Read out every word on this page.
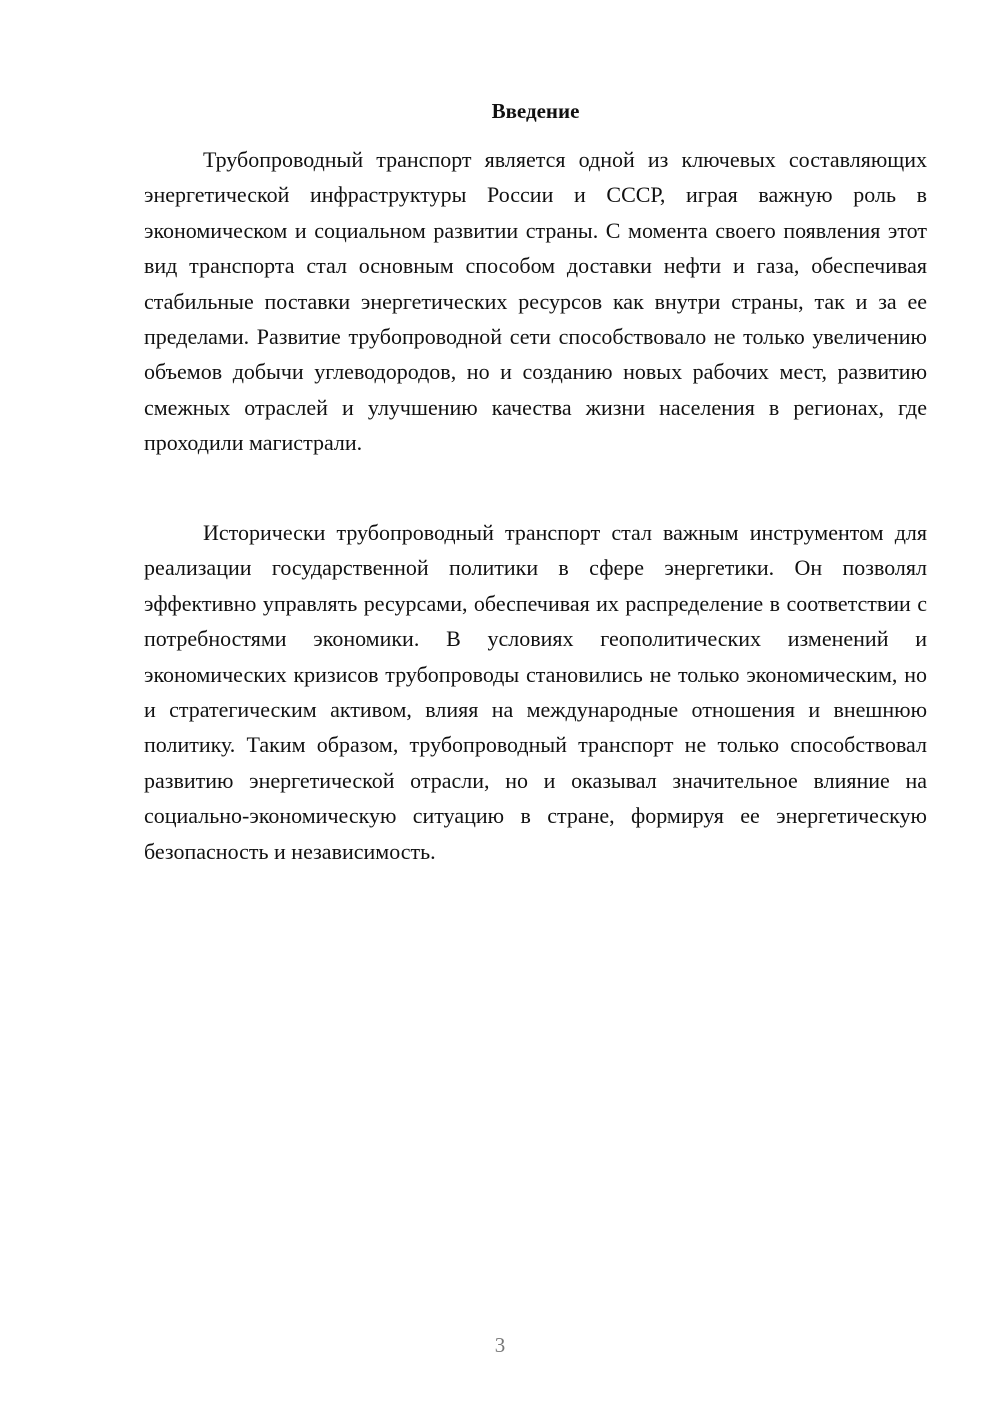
Введение

Трубопроводный транспорт является одной из ключевых составляющих энергетической инфраструктуры России и СССР, играя важную роль в экономическом и социальном развитии страны. С момента своего появления этот вид транспорта стал основным способом доставки нефти и газа, обеспечивая стабильные поставки энергетических ресурсов как внутри страны, так и за ее пределами. Развитие трубопроводной сети способствовало не только увеличению объемов добычи углеводородов, но и созданию новых рабочих мест, развитию смежных отраслей и улучшению качества жизни населения в регионах, где проходили магистрали.

Исторически трубопроводный транспорт стал важным инструментом для реализации государственной политики в сфере энергетики. Он позволял эффективно управлять ресурсами, обеспечивая их распределение в соответствии с потребностями экономики. В условиях геополитических изменений и экономических кризисов трубопроводы становились не только экономическим, но и стратегическим активом, влияя на международные отношения и внешнюю политику. Таким образом, трубопроводный транспорт не только способствовал развитию энергетической отрасли, но и оказывал значительное влияние на социально-экономическую ситуацию в стране, формируя ее энергетическую безопасность и независимость.

3
